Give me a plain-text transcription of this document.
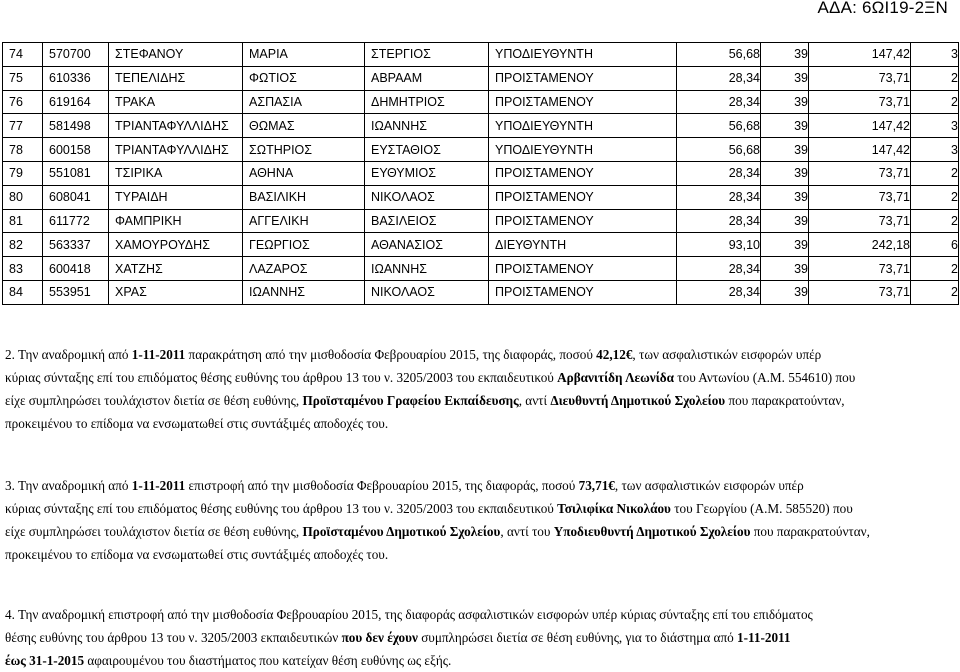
ΑΔΑ: 6ΩΙ19-2ΞΝ
74	570700	ΣΤΕΦΑΝΟΥ	ΜΑΡΙΑ	ΣΤΕΡΓΙΟΣ	ΥΠΟΔΙΕΥΘΥΝΤΗ	56,68	39	147,42	3
75	610336	ΤΕΠΕΛΙΔΗΣ	ΦΩΤΙΟΣ	ΑΒΡΑΑΜ	ΠΡΟΙΣΤΑΜΕΝΟΥ	28,34	39	73,71	2
76	619164	ΤΡΑΚΑ	ΑΣΠΑΣΙΑ	ΔΗΜΗΤΡΙΟΣ	ΠΡΟΙΣΤΑΜΕΝΟΥ	28,34	39	73,71	2
77	581498	ΤΡΙΑΝΤΑΦΥΛΛΙΔΗΣ	ΘΩΜΑΣ	ΙΩΑΝΝΗΣ	ΥΠΟΔΙΕΥΘΥΝΤΗ	56,68	39	147,42	3
78	600158	ΤΡΙΑΝΤΑΦΥΛΛΙΔΗΣ	ΣΩΤΗΡΙΟΣ	ΕΥΣΤΑΘΙΟΣ	ΥΠΟΔΙΕΥΘΥΝΤΗ	56,68	39	147,42	3
79	551081	ΤΣΙΡΙΚΑ	ΑΘΗΝΑ	ΕΥΘΥΜΙΟΣ	ΠΡΟΙΣΤΑΜΕΝΟΥ	28,34	39	73,71	2
80	608041	ΤΥΡΑΙΔΗ	ΒΑΣΙΛΙΚΗ	ΝΙΚΟΛΑΟΣ	ΠΡΟΙΣΤΑΜΕΝΟΥ	28,34	39	73,71	2
81	611772	ΦΑΜΠΡΙΚΗ	ΑΓΓΕΛΙΚΗ	ΒΑΣΙΛΕΙΟΣ	ΠΡΟΙΣΤΑΜΕΝΟΥ	28,34	39	73,71	2
82	563337	ΧΑΜΟΥΡΟΥΔΗΣ	ΓΕΩΡΓΙΟΣ	ΑΘΑΝΑΣΙΟΣ	ΔΙΕΥΘΥΝΤΗ	93,10	39	242,18	6
83	600418	ΧΑΤΖΗΣ	ΛΑΖΑΡΟΣ	ΙΩΑΝΝΗΣ	ΠΡΟΙΣΤΑΜΕΝΟΥ	28,34	39	73,71	2
84	553951	ΧΡΑΣ	ΙΩΑΝΝΗΣ	ΝΙΚΟΛΑΟΣ	ΠΡΟΙΣΤΑΜΕΝΟΥ	28,34	39	73,71	2

2. Την αναδρομική από 1-11-2011 παρακράτηση από την μισθοδοσία Φεβρουαρίου 2015, της διαφοράς, ποσού 42,12€, των ασφαλιστικών εισφορών υπέρ

κύριας σύνταξης επί του επιδόματος θέσης ευθύνης του άρθρου 13 του ν. 3205/2003 του εκπαιδευτικού Αρβανιτίδη Λεωνίδα του Αντωνίου (Α.Μ. 554610) που

είχε συμπληρώσει τουλάχιστον διετία σε θέση ευθύνης, Προϊσταμένου Γραφείου Εκπαίδευσης, αντί Διευθυντή Δημοτικού Σχολείου που παρακρατούνταν,

προκειμένου το επίδομα να ενσωματωθεί στις συντάξιμές αποδοχές του.

3. Την αναδρομική από 1-11-2011 επιστροφή από την μισθοδοσία Φεβρουαρίου 2015, της διαφοράς, ποσού 73,71€, των ασφαλιστικών εισφορών υπέρ

κύριας σύνταξης επί του επιδόματος θέσης ευθύνης του άρθρου 13 του ν. 3205/2003 του εκπαιδευτικού Τσιλιφίκα Νικολάου του Γεωργίου (Α.Μ. 585520) που

είχε συμπληρώσει τουλάχιστον διετία σε θέση ευθύνης, Προϊσταμένου Δημοτικού Σχολείου, αντί του Υποδιευθυντή Δημοτικού Σχολείου που παρακρατούνταν,

προκειμένου το επίδομα να ενσωματωθεί στις συντάξιμές αποδοχές του.

4. Την αναδρομική επιστροφή από την μισθοδοσία Φεβρουαρίου 2015, της διαφοράς ασφαλιστικών εισφορών υπέρ κύριας σύνταξης επί του επιδόματος

θέσης ευθύνης του άρθρου 13 του ν. 3205/2003 εκπαιδευτικών που δεν έχουν συμπληρώσει διετία σε θέση ευθύνης, για το διάστημα από 1-11-2011

έως 31-1-2015 αφαιρουμένου του διαστήματος που κατείχαν θέση ευθύνης ως εξής.
